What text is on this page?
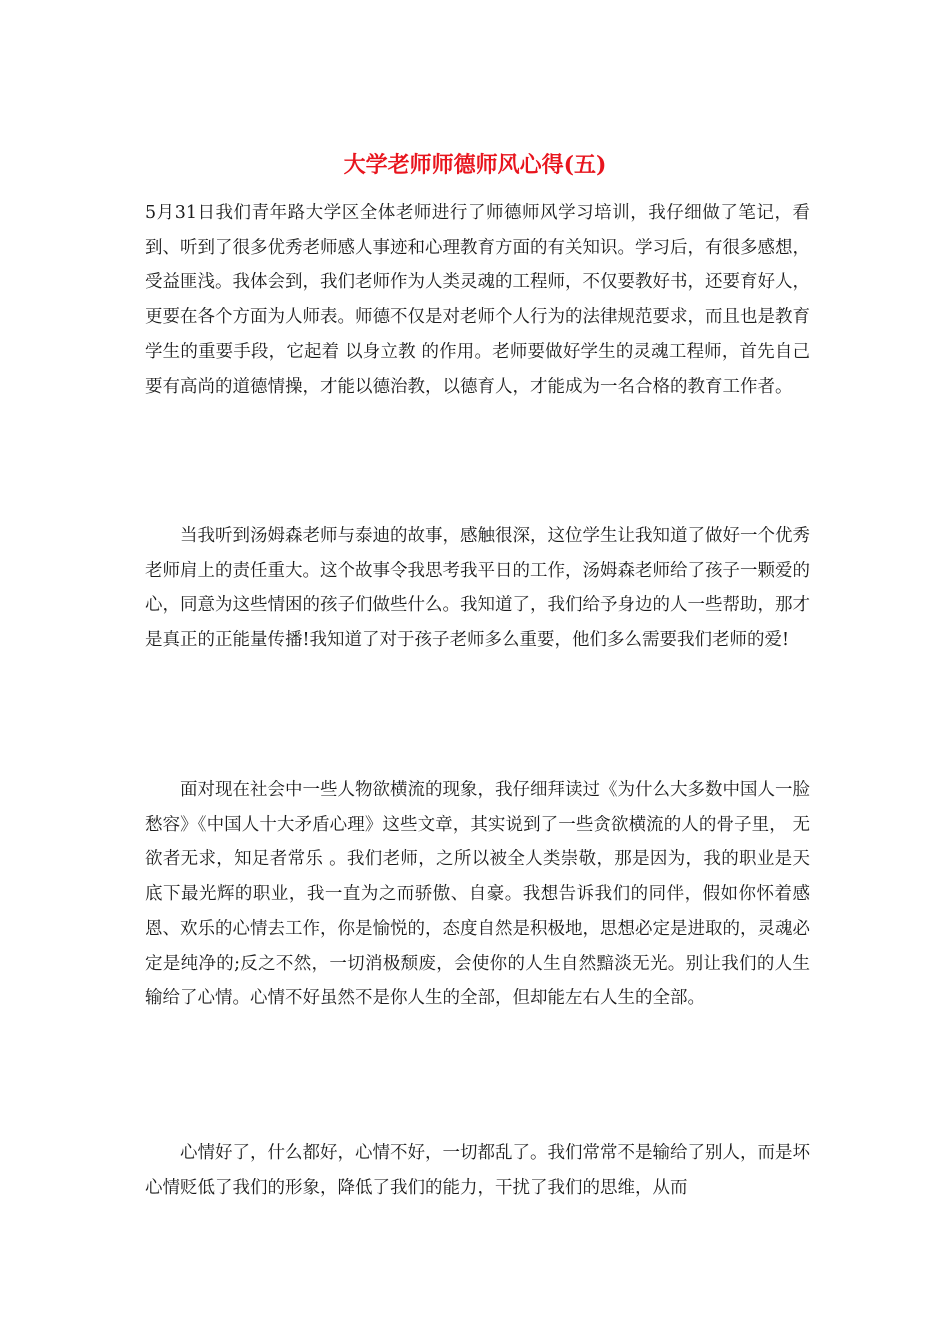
大学老师师德师风心得(五)

5月31日我们青年路大学区全体老师进行了师德师风学习培训，我仔细做了笔记，看到、听到了很多优秀老师感人事迹和心理教育方面的有关知识。学习后，有很多感想，受益匪浅。我体会到，我们老师作为人类灵魂的工程师，不仅要教好书，还要育好人，更要在各个方面为人师表。师德不仅是对老师个人行为的法律规范要求，而且也是教育学生的重要手段，它起着 以身立教 的作用。老师要做好学生的灵魂工程师，首先自己要有高尚的道德情操，才能以德治教，以德育人，才能成为一名合格的教育工作者。

当我听到汤姆森老师与泰迪的故事，感触很深，这位学生让我知道了做好一个优秀老师肩上的责任重大。这个故事令我思考我平日的工作，汤姆森老师给了孩子一颗爱的心，同意为这些情困的孩子们做些什么。我知道了，我们给予身边的人一些帮助，那才是真正的正能量传播!我知道了对于孩子老师多么重要，他们多么需要我们老师的爱!

面对现在社会中一些人物欲横流的现象，我仔细拜读过《为什么大多数中国人一脸愁容》《中国人十大矛盾心理》这些文章，其实说到了一些贪欲横流的人的骨子里， 无欲者无求，知足者常乐 。我们老师，之所以被全人类崇敬，那是因为，我的职业是天底下最光辉的职业，我一直为之而骄傲、自豪。我想告诉我们的同伴，假如你怀着感恩、欢乐的心情去工作，你是愉悦的，态度自然是积极地，思想必定是进取的，灵魂必定是纯净的;反之不然，一切消极颓废，会使你的人生自然黯淡无光。别让我们的人生输给了心情。心情不好虽然不是你人生的全部，但却能左右人生的全部。

心情好了，什么都好，心情不好，一切都乱了。我们常常不是输给了别人，而是坏心情贬低了我们的形象，降低了我们的能力，干扰了我们的思维，从而
